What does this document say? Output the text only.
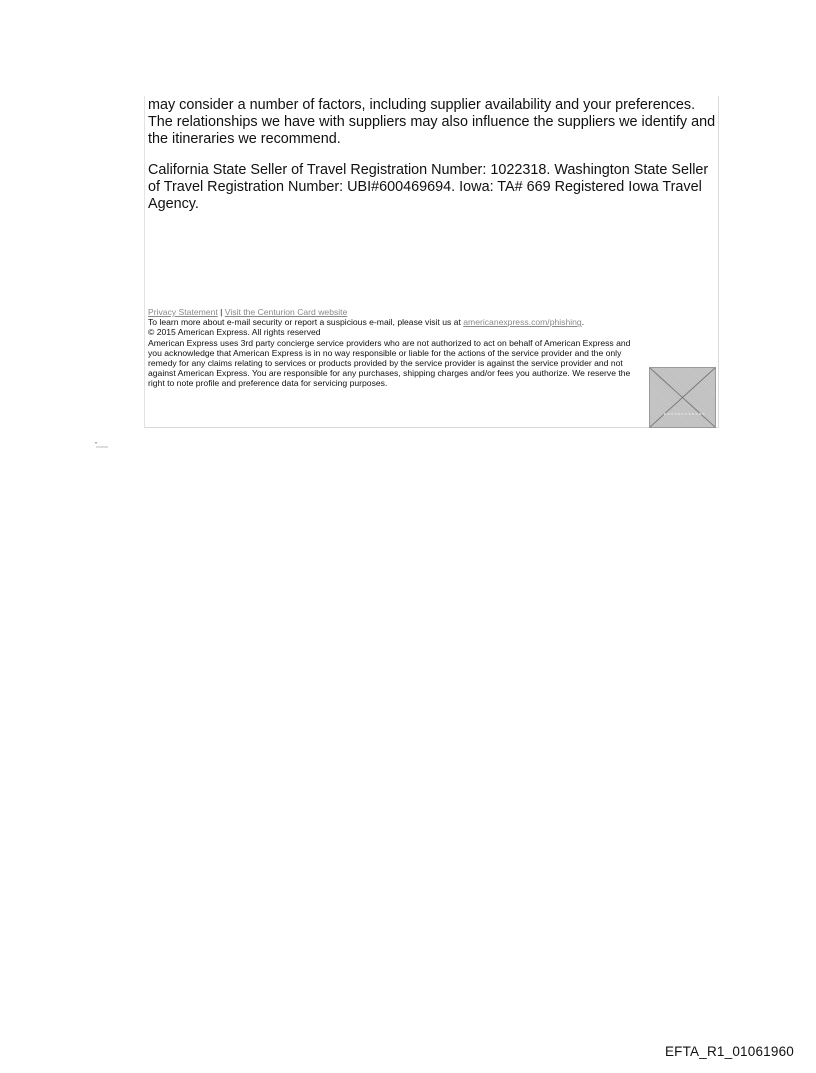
may consider a number of factors, including supplier availability and your preferences. The relationships we have with suppliers may also influence the suppliers we identify and the itineraries we recommend.

California State Seller of Travel Registration Number: 1022318. Washington State Seller of Travel Registration Number: UBI#600469694. Iowa: TA# 669 Registered Iowa Travel Agency.

Privacy Statement | Visit the Centurion Card website
To learn more about e-mail security or report a suspicious e-mail, please visit us at americanexpress.com/phishing.
© 2015 American Express. All rights reserved
American Express uses 3rd party concierge service providers who are not authorized to act on behalf of American Express and you acknowledge that American Express is in no way responsible or liable for the actions of the service provider and the only remedy for any claims relating to services or products provided by the service provider is against the service provider and not against American Express. You are responsible for any purchases, shipping charges and/or fees you authorize. We reserve the right to note profile and preference data for servicing purposes.
EFTA_R1_01061960
